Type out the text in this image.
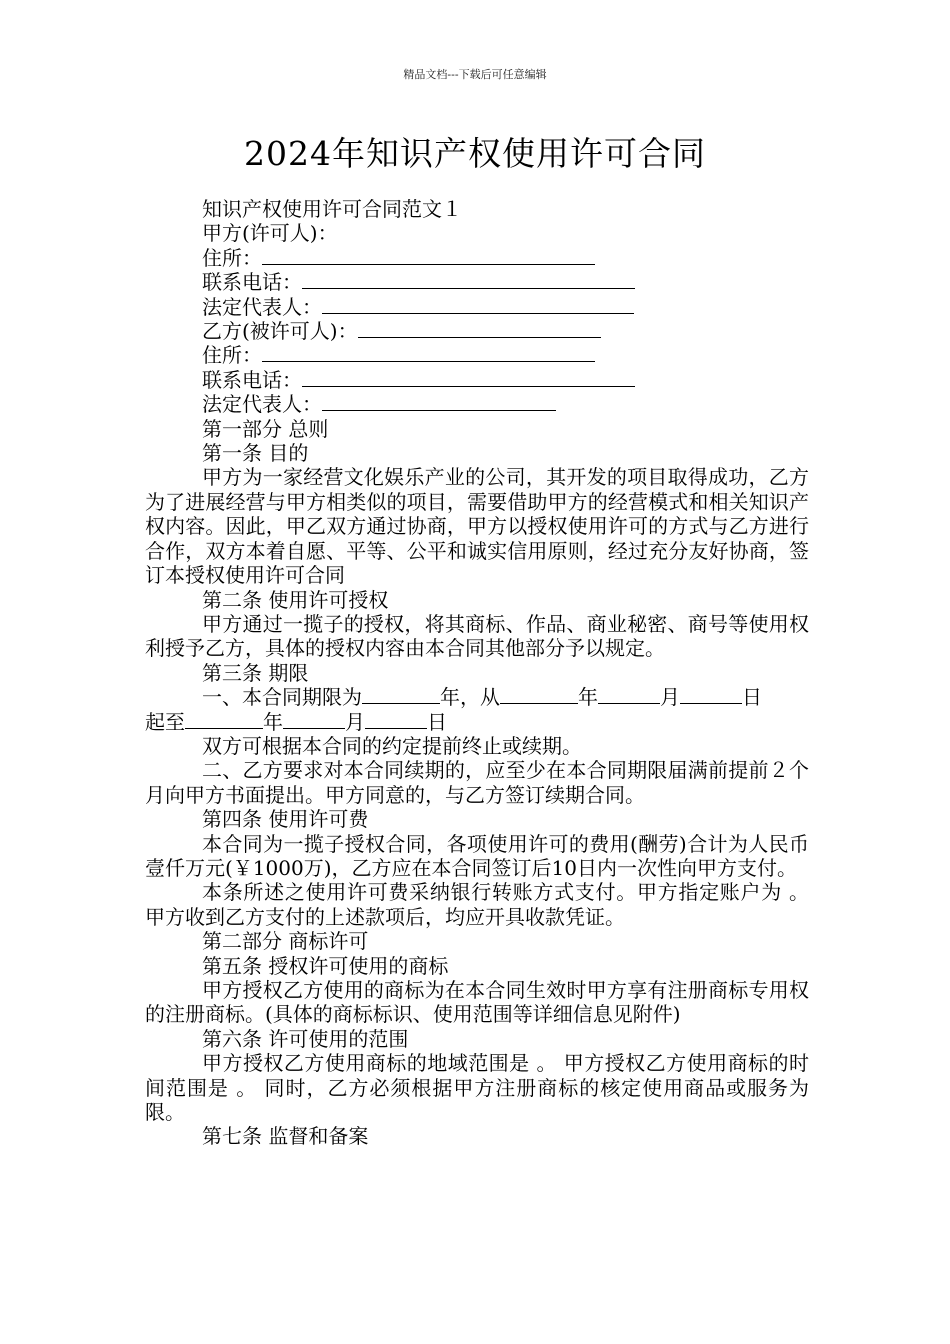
精品文档---下载后可任意编辑
2024年知识产权使用许可合同
知识产权使用许可合同范文１
甲方(许可人)：
住所：
联系电话：
法定代表人：
乙方(被许可人)：
住所：
联系电话：
法定代表人：
第一部分 总则
第一条 目的
甲方为一家经营文化娱乐产业的公司，其开发的项目取得成功，乙方为了进展经营与甲方相类似的项目，需要借助甲方的经营模式和相关知识产权内容。因此，甲乙双方通过协商，甲方以授权使用许可的方式与乙方进行合作，双方本着自愿、平等、公平和诚实信用原则，经过充分友好协商，签订本授权使用许可合同
第二条 使用许可授权
甲方通过一揽子的授权，将其商标、作品、商业秘密、商号等使用权利授予乙方，具体的授权内容由本合同其他部分予以规定。
第三条 期限
一、本合同期限为	年，从	年	月	日
起至	年	月	日
双方可根据本合同的约定提前终止或续期。
二、乙方要求对本合同续期的，应至少在本合同期限届满前提前２个月向甲方书面提出。甲方同意的，与乙方签订续期合同。
第四条 使用许可费
本合同为一揽子授权合同，各项使用许可的费用(酬劳)合计为人民币壹仟万元(￥1000万)，乙方应在本合同签订后10日内一次性向甲方支付。
本条所述之使用许可费采纳银行转账方式支付。甲方指定账户为 。 甲方收到乙方支付的上述款项后，均应开具收款凭证。
第二部分 商标许可
第五条 授权许可使用的商标
甲方授权乙方使用的商标为在本合同生效时甲方享有注册商标专用权的注册商标。(具体的商标标识、使用范围等详细信息见附件)
第六条 许可使用的范围
甲方授权乙方使用商标的地域范围是 。 甲方授权乙方使用商标的时间范围是 。 同时，乙方必须根据甲方注册商标的核定使用商品或服务为限。
第七条 监督和备案
